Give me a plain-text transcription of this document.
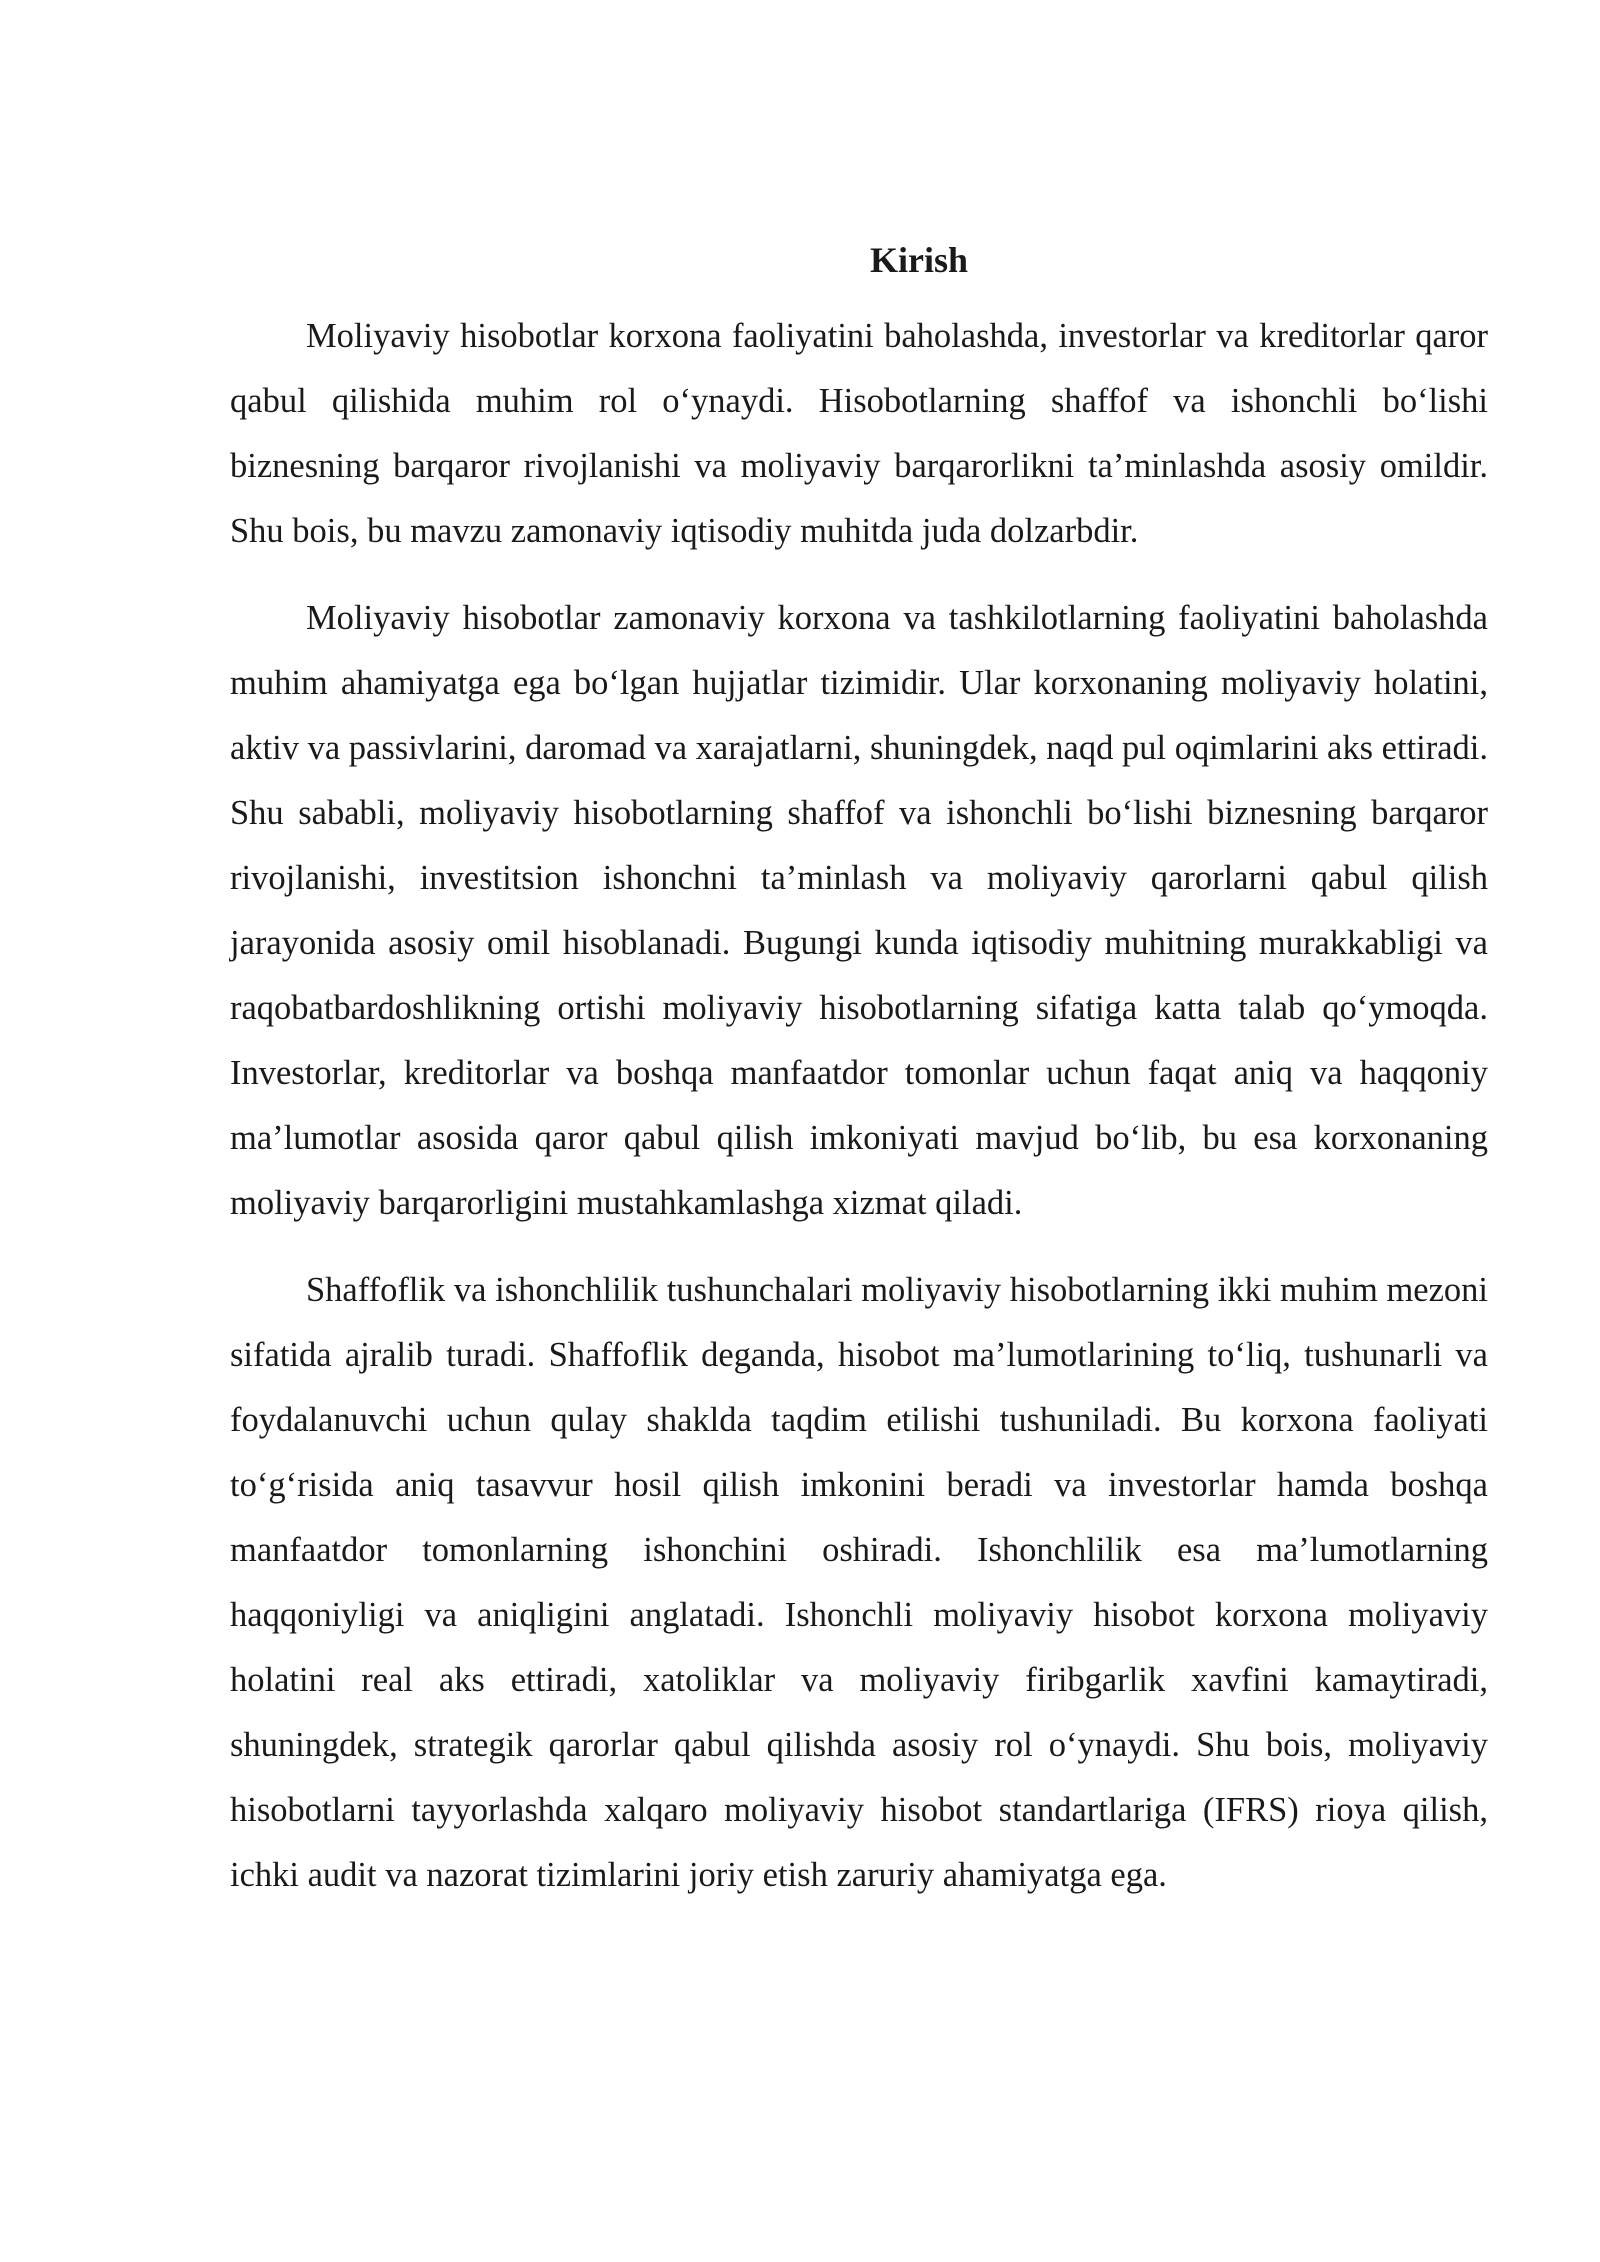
Kirish

Moliyaviy hisobotlar korxona faoliyatini baholashda, investorlar va kreditorlar qaror qabul qilishida muhim rol o‘ynaydi. Hisobotlarning shaffof va ishonchli bo‘lishi biznesning barqaror rivojlanishi va moliyaviy barqarorlikni ta’minlashda asosiy omildir. Shu bois, bu mavzu zamonaviy iqtisodiy muhitda juda dolzarbdir.

Moliyaviy hisobotlar zamonaviy korxona va tashkilotlarning faoliyatini baholashda muhim ahamiyatga ega bo‘lgan hujjatlar tizimidir. Ular korxonaning moliyaviy holatini, aktiv va passivlarini, daromad va xarajatlarni, shuningdek, naqd pul oqimlarini aks ettiradi. Shu sababli, moliyaviy hisobotlarning shaffof va ishonchli bo‘lishi biznesning barqaror rivojlanishi, investitsion ishonchni ta’minlash va moliyaviy qarorlarni qabul qilish jarayonida asosiy omil hisoblanadi. Bugungi kunda iqtisodiy muhitning murakkabligi va raqobatbardoshlikning ortishi moliyaviy hisobotlarning sifatiga katta talab qo‘ymoqda. Investorlar, kreditorlar va boshqa manfaatdor tomonlar uchun faqat aniq va haqqoniy ma’lumotlar asosida qaror qabul qilish imkoniyati mavjud bo‘lib, bu esa korxonaning moliyaviy barqarorligini mustahkamlashga xizmat qiladi.

Shaffoflik va ishonchlilik tushunchalari moliyaviy hisobotlarning ikki muhim mezoni sifatida ajralib turadi. Shaffoflik deganda, hisobot ma’lumotlarining to‘liq, tushunarli va foydalanuvchi uchun qulay shaklda taqdim etilishi tushuniladi. Bu korxona faoliyati to‘g‘risida aniq tasavvur hosil qilish imkonini beradi va investorlar hamda boshqa manfaatdor tomonlarning ishonchini oshiradi. Ishonchlilik esa ma’lumotlarning haqqoniyligi va aniqligini anglatadi. Ishonchli moliyaviy hisobot korxona moliyaviy holatini real aks ettiradi, xatoliklar va moliyaviy firibgarlik xavfini kamaytiradi, shuningdek, strategik qarorlar qabul qilishda asosiy rol o‘ynaydi. Shu bois, moliyaviy hisobotlarni tayyorlashda xalqaro moliyaviy hisobot standartlariga (IFRS) rioya qilish, ichki audit va nazorat tizimlarini joriy etish zaruriy ahamiyatga ega.
